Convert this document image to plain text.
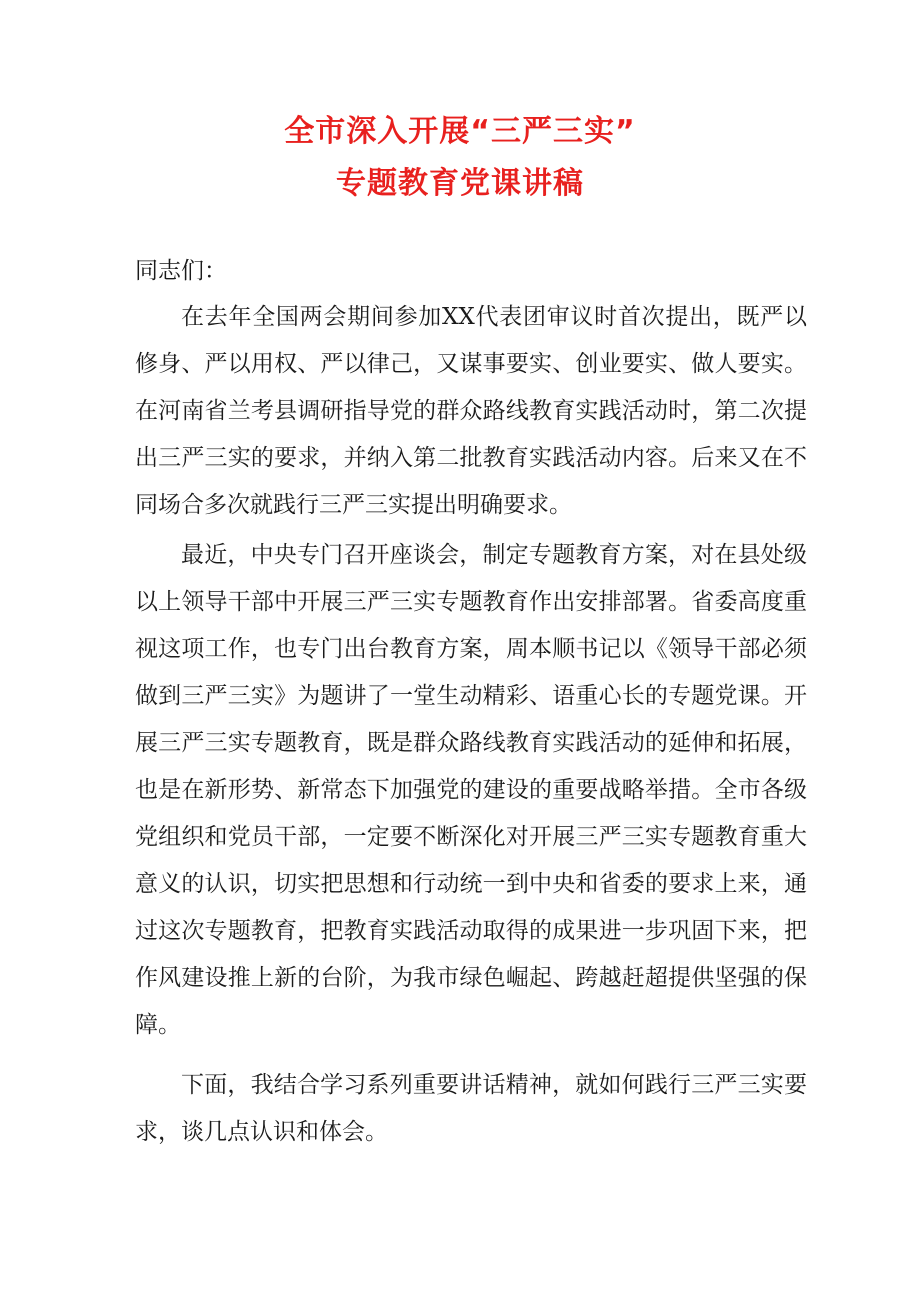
全市深入开展“三严三实”
专题教育党课讲稿

同志们：

在去年全国两会期间参加XX代表团审议时首次提出，既严以修身、严以用权、严以律己，又谋事要实、创业要实、做人要实。在河南省兰考县调研指导党的群众路线教育实践活动时，第二次提出三严三实的要求，并纳入第二批教育实践活动内容。后来又在不同场合多次就践行三严三实提出明确要求。

最近，中央专门召开座谈会，制定专题教育方案，对在县处级以上领导干部中开展三严三实专题教育作出安排部署。省委高度重视这项工作，也专门出台教育方案，周本顺书记以《领导干部必须做到三严三实》为题讲了一堂生动精彩、语重心长的专题党课。开展三严三实专题教育，既是群众路线教育实践活动的延伸和拓展，也是在新形势、新常态下加强党的建设的重要战略举措。全市各级党组织和党员干部，一定要不断深化对开展三严三实专题教育重大意义的认识，切实把思想和行动统一到中央和省委的要求上来，通过这次专题教育，把教育实践活动取得的成果进一步巩固下来，把作风建设推上新的台阶，为我市绿色崛起、跨越赶超提供坚强的保障。

下面，我结合学习系列重要讲话精神，就如何践行三严三实要求，谈几点认识和体会。
